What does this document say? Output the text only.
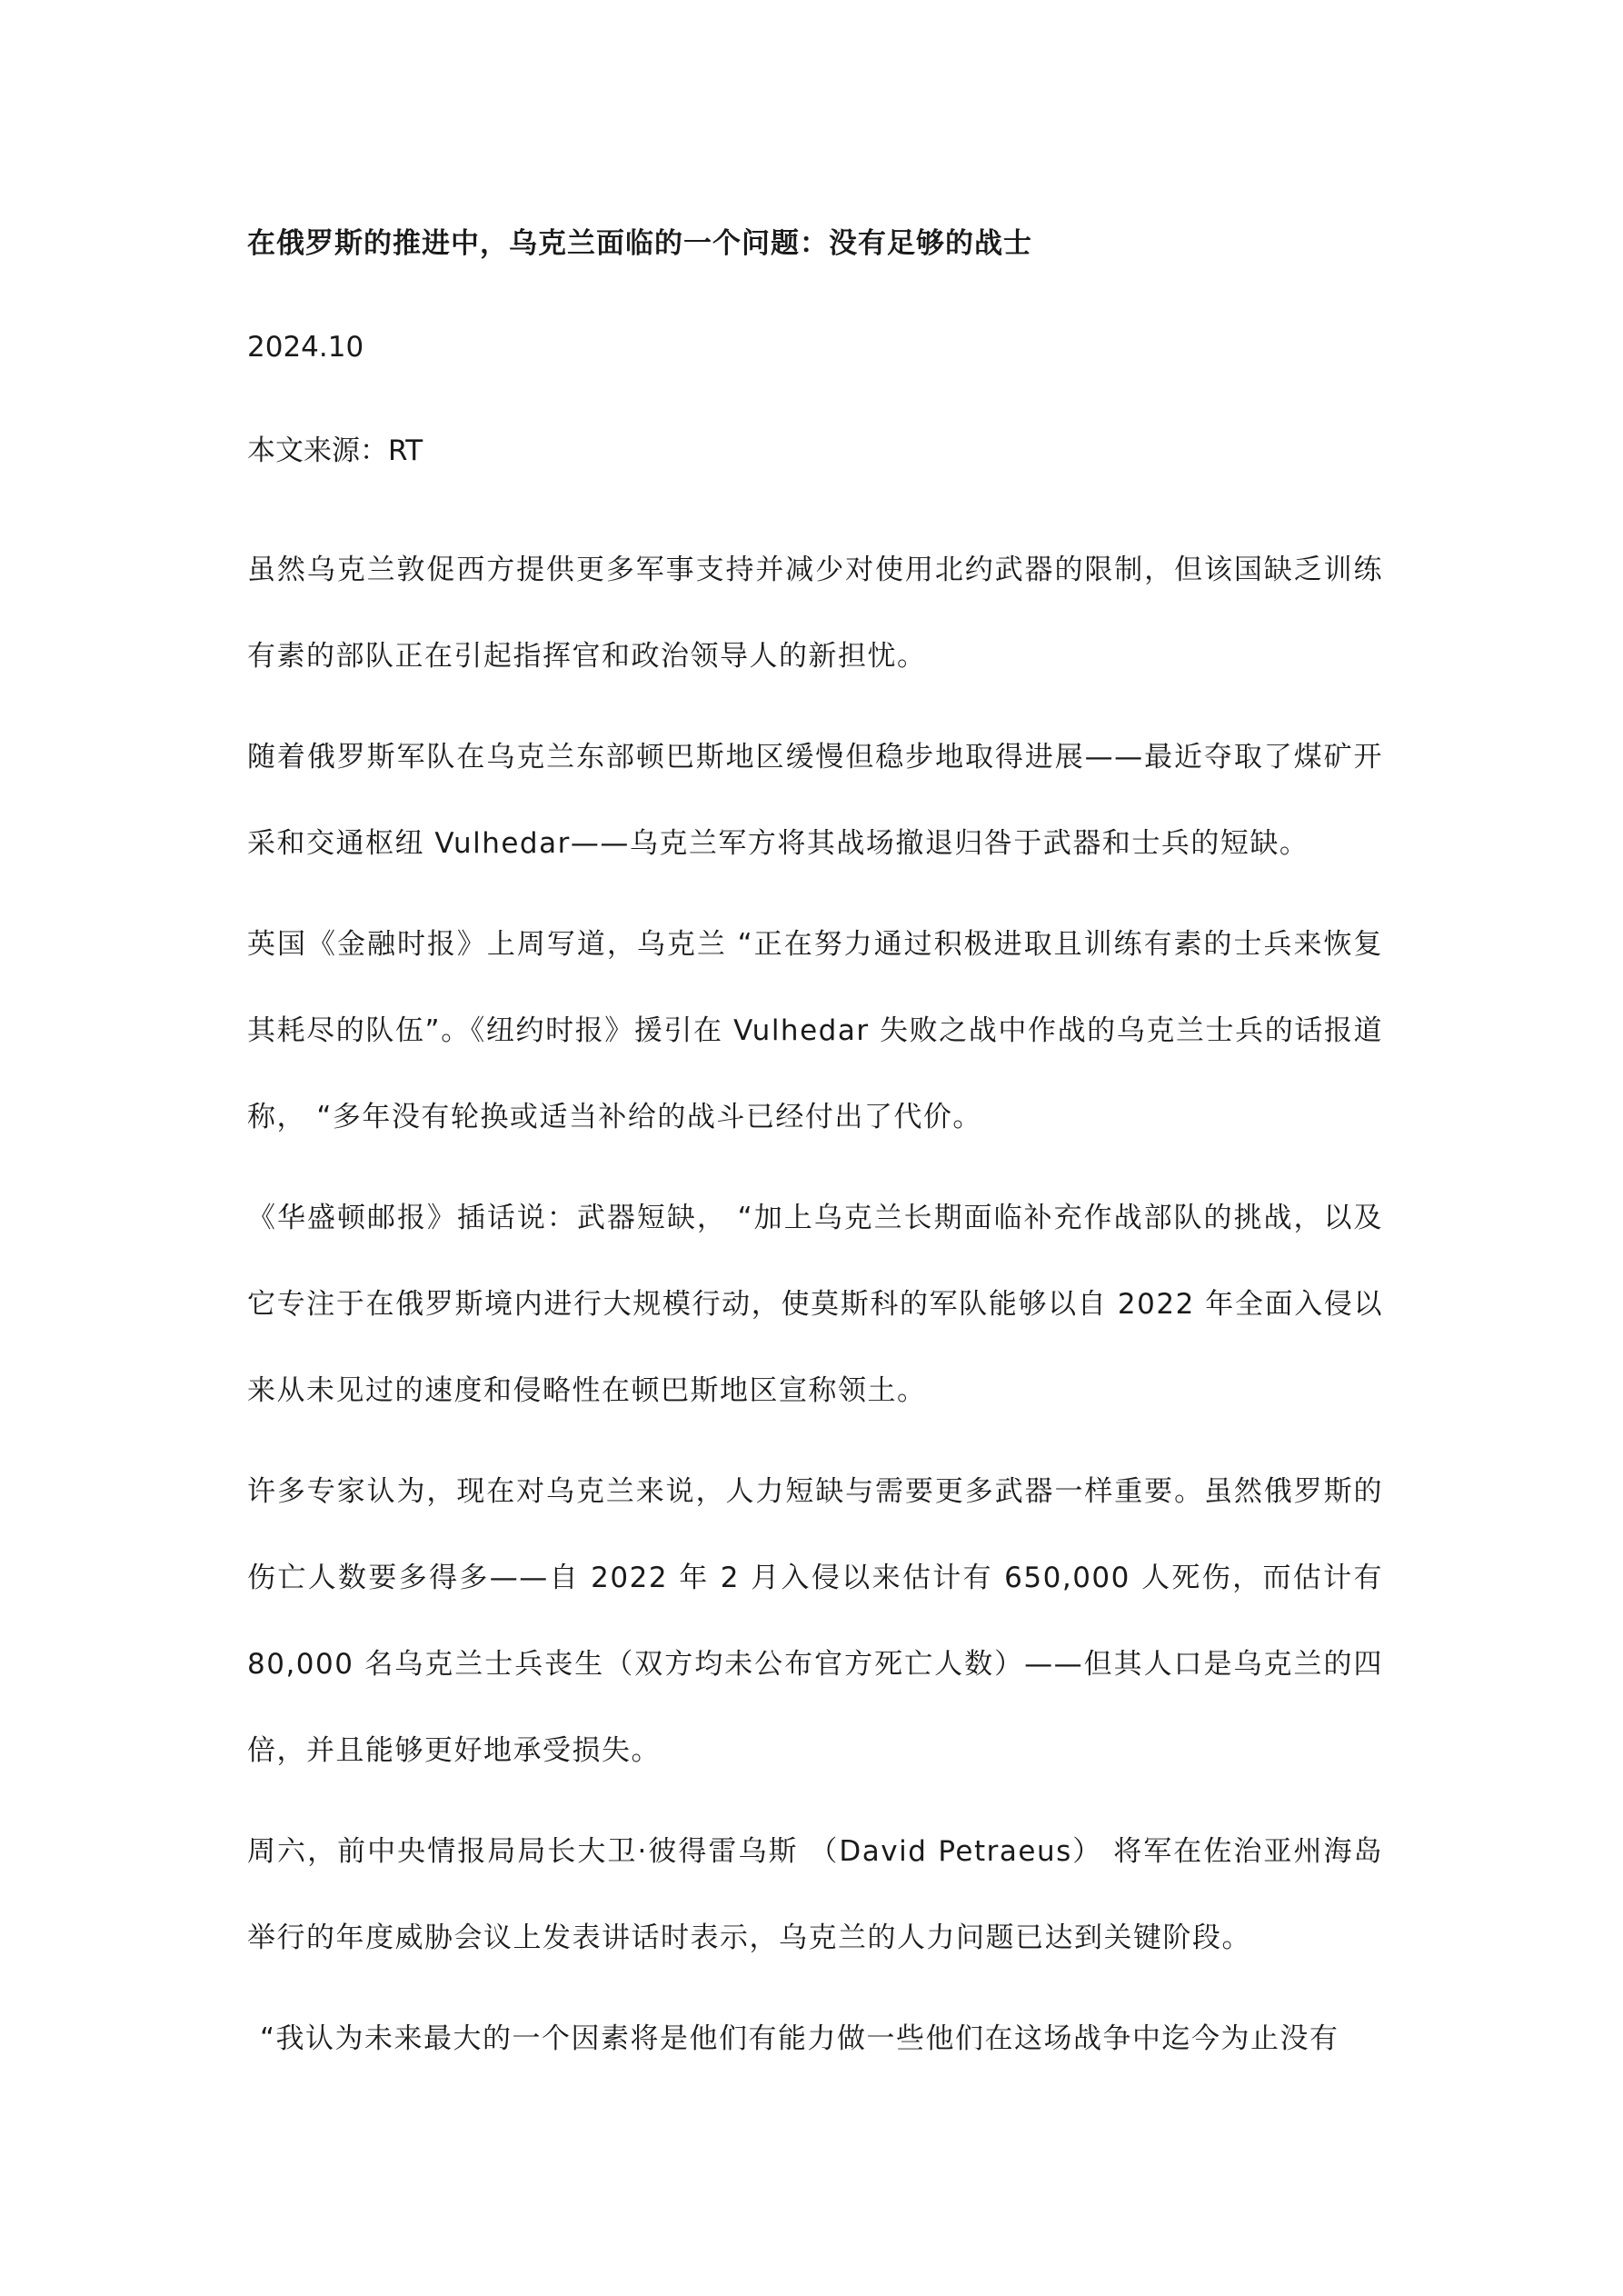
在俄罗斯的推进中，乌克兰面临的一个问题：没有足够的战士
2024.10
本文来源：RT

虽然乌克兰敦促西方提供更多军事支持并减少对使用北约武器的限制，但该国缺乏训练有素的部队正在引起指挥官和政治领导人的新担忧。

随着俄罗斯军队在乌克兰东部顿巴斯地区缓慢但稳步地取得进展——最近夺取了煤矿开采和交通枢纽 Vulhedar——乌克兰军方将其战场撤退归咎于武器和士兵的短缺。

英国《金融时报》上周写道，乌克兰 “正在努力通过积极进取且训练有素的士兵来恢复其耗尽的队伍”。《纽约时报》援引在 Vulhedar 失败之战中作战的乌克兰士兵的话报道称， “多年没有轮换或适当补给的战斗已经付出了代价。

《华盛顿邮报》插话说：武器短缺， “加上乌克兰长期面临补充作战部队的挑战，以及它专注于在俄罗斯境内进行大规模行动，使莫斯科的军队能够以自 2022 年全面入侵以来从未见过的速度和侵略性在顿巴斯地区宣称领土。

许多专家认为，现在对乌克兰来说，人力短缺与需要更多武器一样重要。虽然俄罗斯的伤亡人数要多得多——自 2022 年 2 月入侵以来估计有 650,000 人死伤，而估计有 80,000 名乌克兰士兵丧生（双方均未公布官方死亡人数）——但其人口是乌克兰的四倍，并且能够更好地承受损失。

周六，前中央情报局局长大卫·彼得雷乌斯 （David Petraeus） 将军在佐治亚州海岛举行的年度威胁会议上发表讲话时表示，乌克兰的人力问题已达到关键阶段。

“我认为未来最大的一个因素将是他们有能力做一些他们在这场战争中迄今为止没有
